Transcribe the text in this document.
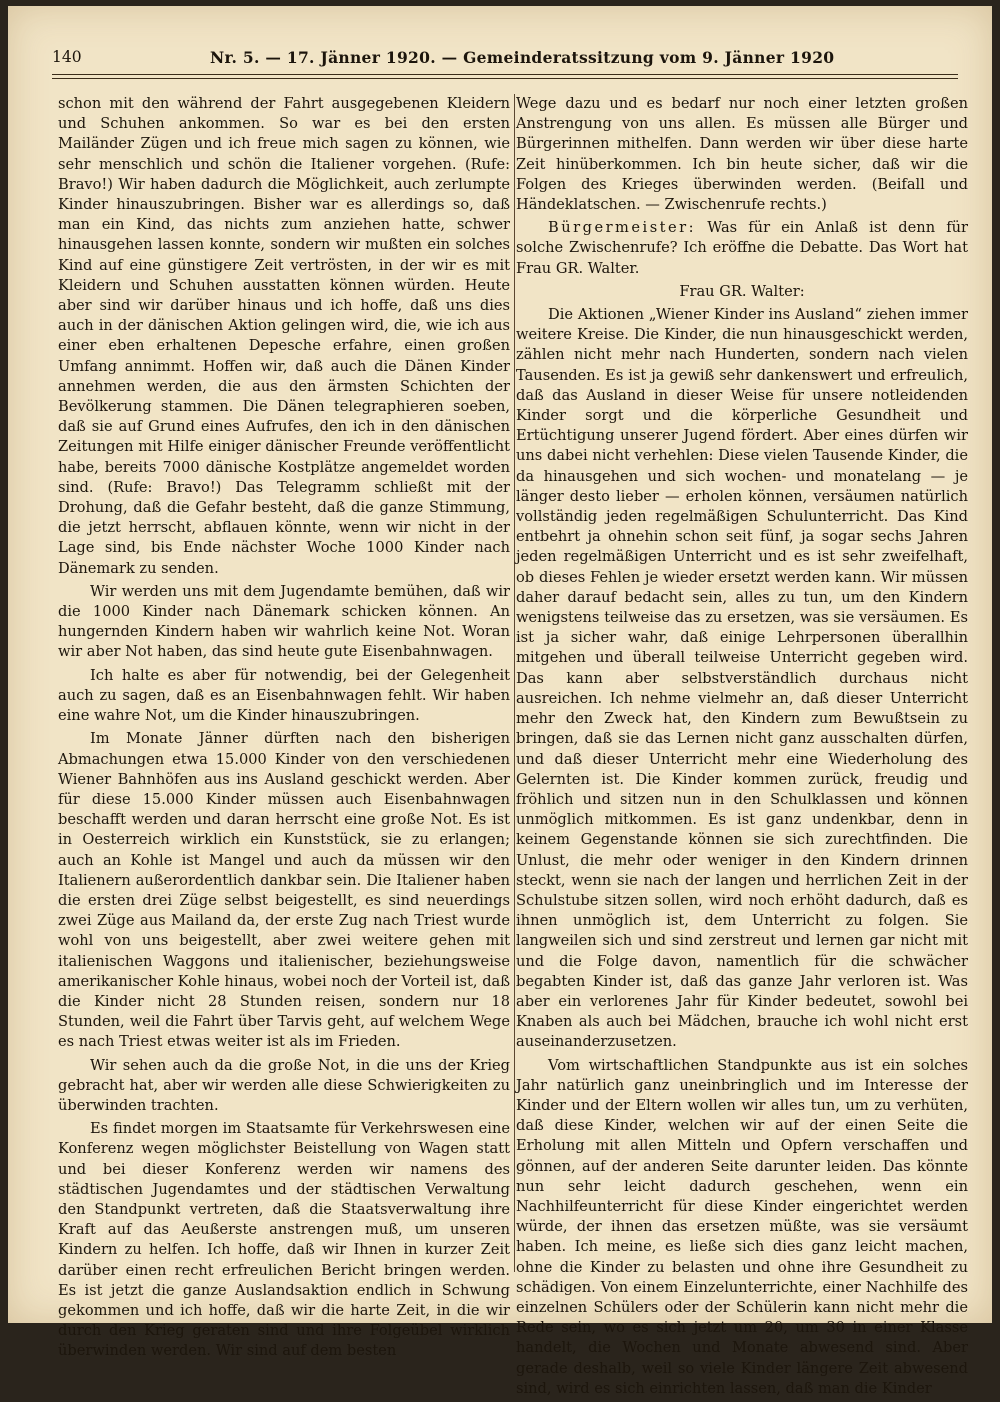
140	Nr. 5. — 17. Jänner 1920. — Gemeinderatssitzung vom 9. Jänner 1920

schon mit den während der Fahrt ausgegebenen Kleidern und Schuhen ankommen. So war es bei den ersten Mailänder Zügen und ich freue mich sagen zu können, wie sehr menschlich und schön die Italiener vorgehen. (Rufe: Bravo!) Wir haben dadurch die Möglichkeit, auch zerlumpte Kinder hinauszubringen. Bisher war es allerdings so, daß man ein Kind, das nichts zum anziehen hatte, schwer hinausgehen lassen konnte, sondern wir mußten ein solches Kind auf eine günstigere Zeit vertrösten, in der wir es mit Kleidern und Schuhen ausstatten können würden. Heute aber sind wir darüber hinaus und ich hoffe, daß uns dies auch in der dänischen Aktion gelingen wird, die, wie ich aus einer eben erhaltenen Depesche erfahre, einen großen Umfang annimmt. Hoffen wir, daß auch die Dänen Kinder annehmen werden, die aus den ärmsten Schichten der Bevölkerung stammen. Die Dänen telegraphieren soeben, daß sie auf Grund eines Aufrufes, den ich in den dänischen Zeitungen mit Hilfe einiger dänischer Freunde veröffentlicht habe, bereits 7000 dänische Kostplätze angemeldet worden sind. (Rufe: Bravo!) Das Telegramm schließt mit der Drohung, daß die Gefahr besteht, daß die ganze Stimmung, die jetzt herrscht, abflauen könnte, wenn wir nicht in der Lage sind, bis Ende nächster Woche 1000 Kinder nach Dänemark zu senden.

Wir werden uns mit dem Jugendamte bemühen, daß wir die 1000 Kinder nach Dänemark schicken können. An hungernden Kindern haben wir wahrlich keine Not. Woran wir aber Not haben, das sind heute gute Eisenbahnwagen.

Ich halte es aber für notwendig, bei der Gelegenheit auch zu sagen, daß es an Eisenbahnwagen fehlt. Wir haben eine wahre Not, um die Kinder hinauszubringen.

Im Monate Jänner dürften nach den bisherigen Abmachungen etwa 15.000 Kinder von den verschiedenen Wiener Bahnhöfen aus ins Ausland geschickt werden. Aber für diese 15.000 Kinder müssen auch Eisenbahnwagen beschafft werden und daran herrscht eine große Not. Es ist in Oesterreich wirklich ein Kunststück, sie zu erlangen; auch an Kohle ist Mangel und auch da müssen wir den Italienern außerordentlich dankbar sein. Die Italiener haben die ersten drei Züge selbst beigestellt, es sind neuerdings zwei Züge aus Mailand da, der erste Zug nach Triest wurde wohl von uns beigestellt, aber zwei weitere gehen mit italienischen Waggons und italienischer, beziehungsweise amerikanischer Kohle hinaus, wobei noch der Vorteil ist, daß die Kinder nicht 28 Stunden reisen, sondern nur 18 Stunden, weil die Fahrt über Tarvis geht, auf welchem Wege es nach Triest etwas weiter ist als im Frieden.

Wir sehen auch da die große Not, in die uns der Krieg gebracht hat, aber wir werden alle diese Schwierigkeiten zu überwinden trachten.

Es findet morgen im Staatsamte für Verkehrswesen eine Konferenz wegen möglichster Beistellung von Wagen statt und bei dieser Konferenz werden wir namens des städtischen Jugendamtes und der städtischen Verwaltung den Standpunkt vertreten, daß die Staatsverwaltung ihre Kraft auf das Aeußerste anstrengen muß, um unseren Kindern zu helfen. Ich hoffe, daß wir Ihnen in kurzer Zeit darüber einen recht erfreulichen Bericht bringen werden. Es ist jetzt die ganze Auslandsaktion endlich in Schwung gekommen und ich hoffe, daß wir die harte Zeit, in die wir durch den Krieg geraten sind und ihre Folgeübel wirklich überwinden werden. Wir sind auf dem besten

Wege dazu und es bedarf nur noch einer letzten großen Anstrengung von uns allen. Es müssen alle Bürger und Bürgerinnen mithelfen. Dann werden wir über diese harte Zeit hinüberkommen. Ich bin heute sicher, daß wir die Folgen des Krieges überwinden werden. (Beifall und Händeklatschen. — Zwischenrufe rechts.)

Bürgermeister: Was für ein Anlaß ist denn für solche Zwischenrufe? Ich eröffne die Debatte. Das Wort hat Frau GR. Walter.

Frau GR. Walter:

Die Aktionen „Wiener Kinder ins Ausland“ ziehen immer weitere Kreise. Die Kinder, die nun hinausgeschickt werden, zählen nicht mehr nach Hunderten, sondern nach vielen Tausenden. Es ist ja gewiß sehr dankenswert und erfreulich, daß das Ausland in dieser Weise für unsere notleidenden Kinder sorgt und die körperliche Gesundheit und Ertüchtigung unserer Jugend fördert. Aber eines dürfen wir uns dabei nicht verhehlen: Diese vielen Tausende Kinder, die da hinausgehen und sich wochen- und monatelang — je länger desto lieber — erholen können, versäumen natürlich vollständig jeden regelmäßigen Schulunterricht. Das Kind entbehrt ja ohnehin schon seit fünf, ja sogar sechs Jahren jeden regelmäßigen Unterricht und es ist sehr zweifelhaft, ob dieses Fehlen je wieder ersetzt werden kann. Wir müssen daher darauf bedacht sein, alles zu tun, um den Kindern wenigstens teilweise das zu ersetzen, was sie versäumen. Es ist ja sicher wahr, daß einige Lehrpersonen überallhin mitgehen und überall teilweise Unterricht gegeben wird. Das kann aber selbstverständlich durchaus nicht ausreichen. Ich nehme vielmehr an, daß dieser Unterricht mehr den Zweck hat, den Kindern zum Bewußtsein zu bringen, daß sie das Lernen nicht ganz ausschalten dürfen, und daß dieser Unterricht mehr eine Wiederholung des Gelernten ist. Die Kinder kommen zurück, freudig und fröhlich und sitzen nun in den Schulklassen und können unmöglich mitkommen. Es ist ganz undenkbar, denn in keinem Gegenstande können sie sich zurechtfinden. Die Unlust, die mehr oder weniger in den Kindern drinnen steckt, wenn sie nach der langen und herrlichen Zeit in der Schulstube sitzen sollen, wird noch erhöht dadurch, daß es ihnen unmöglich ist, dem Unterricht zu folgen. Sie langweilen sich und sind zerstreut und lernen gar nicht mit und die Folge davon, namentlich für die schwächer begabten Kinder ist, daß das ganze Jahr verloren ist. Was aber ein verlorenes Jahr für Kinder bedeutet, sowohl bei Knaben als auch bei Mädchen, brauche ich wohl nicht erst auseinanderzusetzen.

Vom wirtschaftlichen Standpunkte aus ist ein solches Jahr natürlich ganz uneinbringlich und im Interesse der Kinder und der Eltern wollen wir alles tun, um zu verhüten, daß diese Kinder, welchen wir auf der einen Seite die Erholung mit allen Mitteln und Opfern verschaffen und gönnen, auf der anderen Seite darunter leiden. Das könnte nun sehr leicht dadurch geschehen, wenn ein Nachhilfeunterricht für diese Kinder eingerichtet werden würde, der ihnen das ersetzen müßte, was sie versäumt haben. Ich meine, es ließe sich dies ganz leicht machen, ohne die Kinder zu belasten und ohne ihre Gesundheit zu schädigen. Von einem Einzelunterrichte, einer Nachhilfe des einzelnen Schülers oder der Schülerin kann nicht mehr die Rede sein, wo es sich jetzt um 20, um 30 in einer Klasse handelt, die Wochen und Monate abwesend sind. Aber gerade deshalb, weil so viele Kinder längere Zeit abwesend sind, wird es sich einrichten lassen, daß man die Kinder
